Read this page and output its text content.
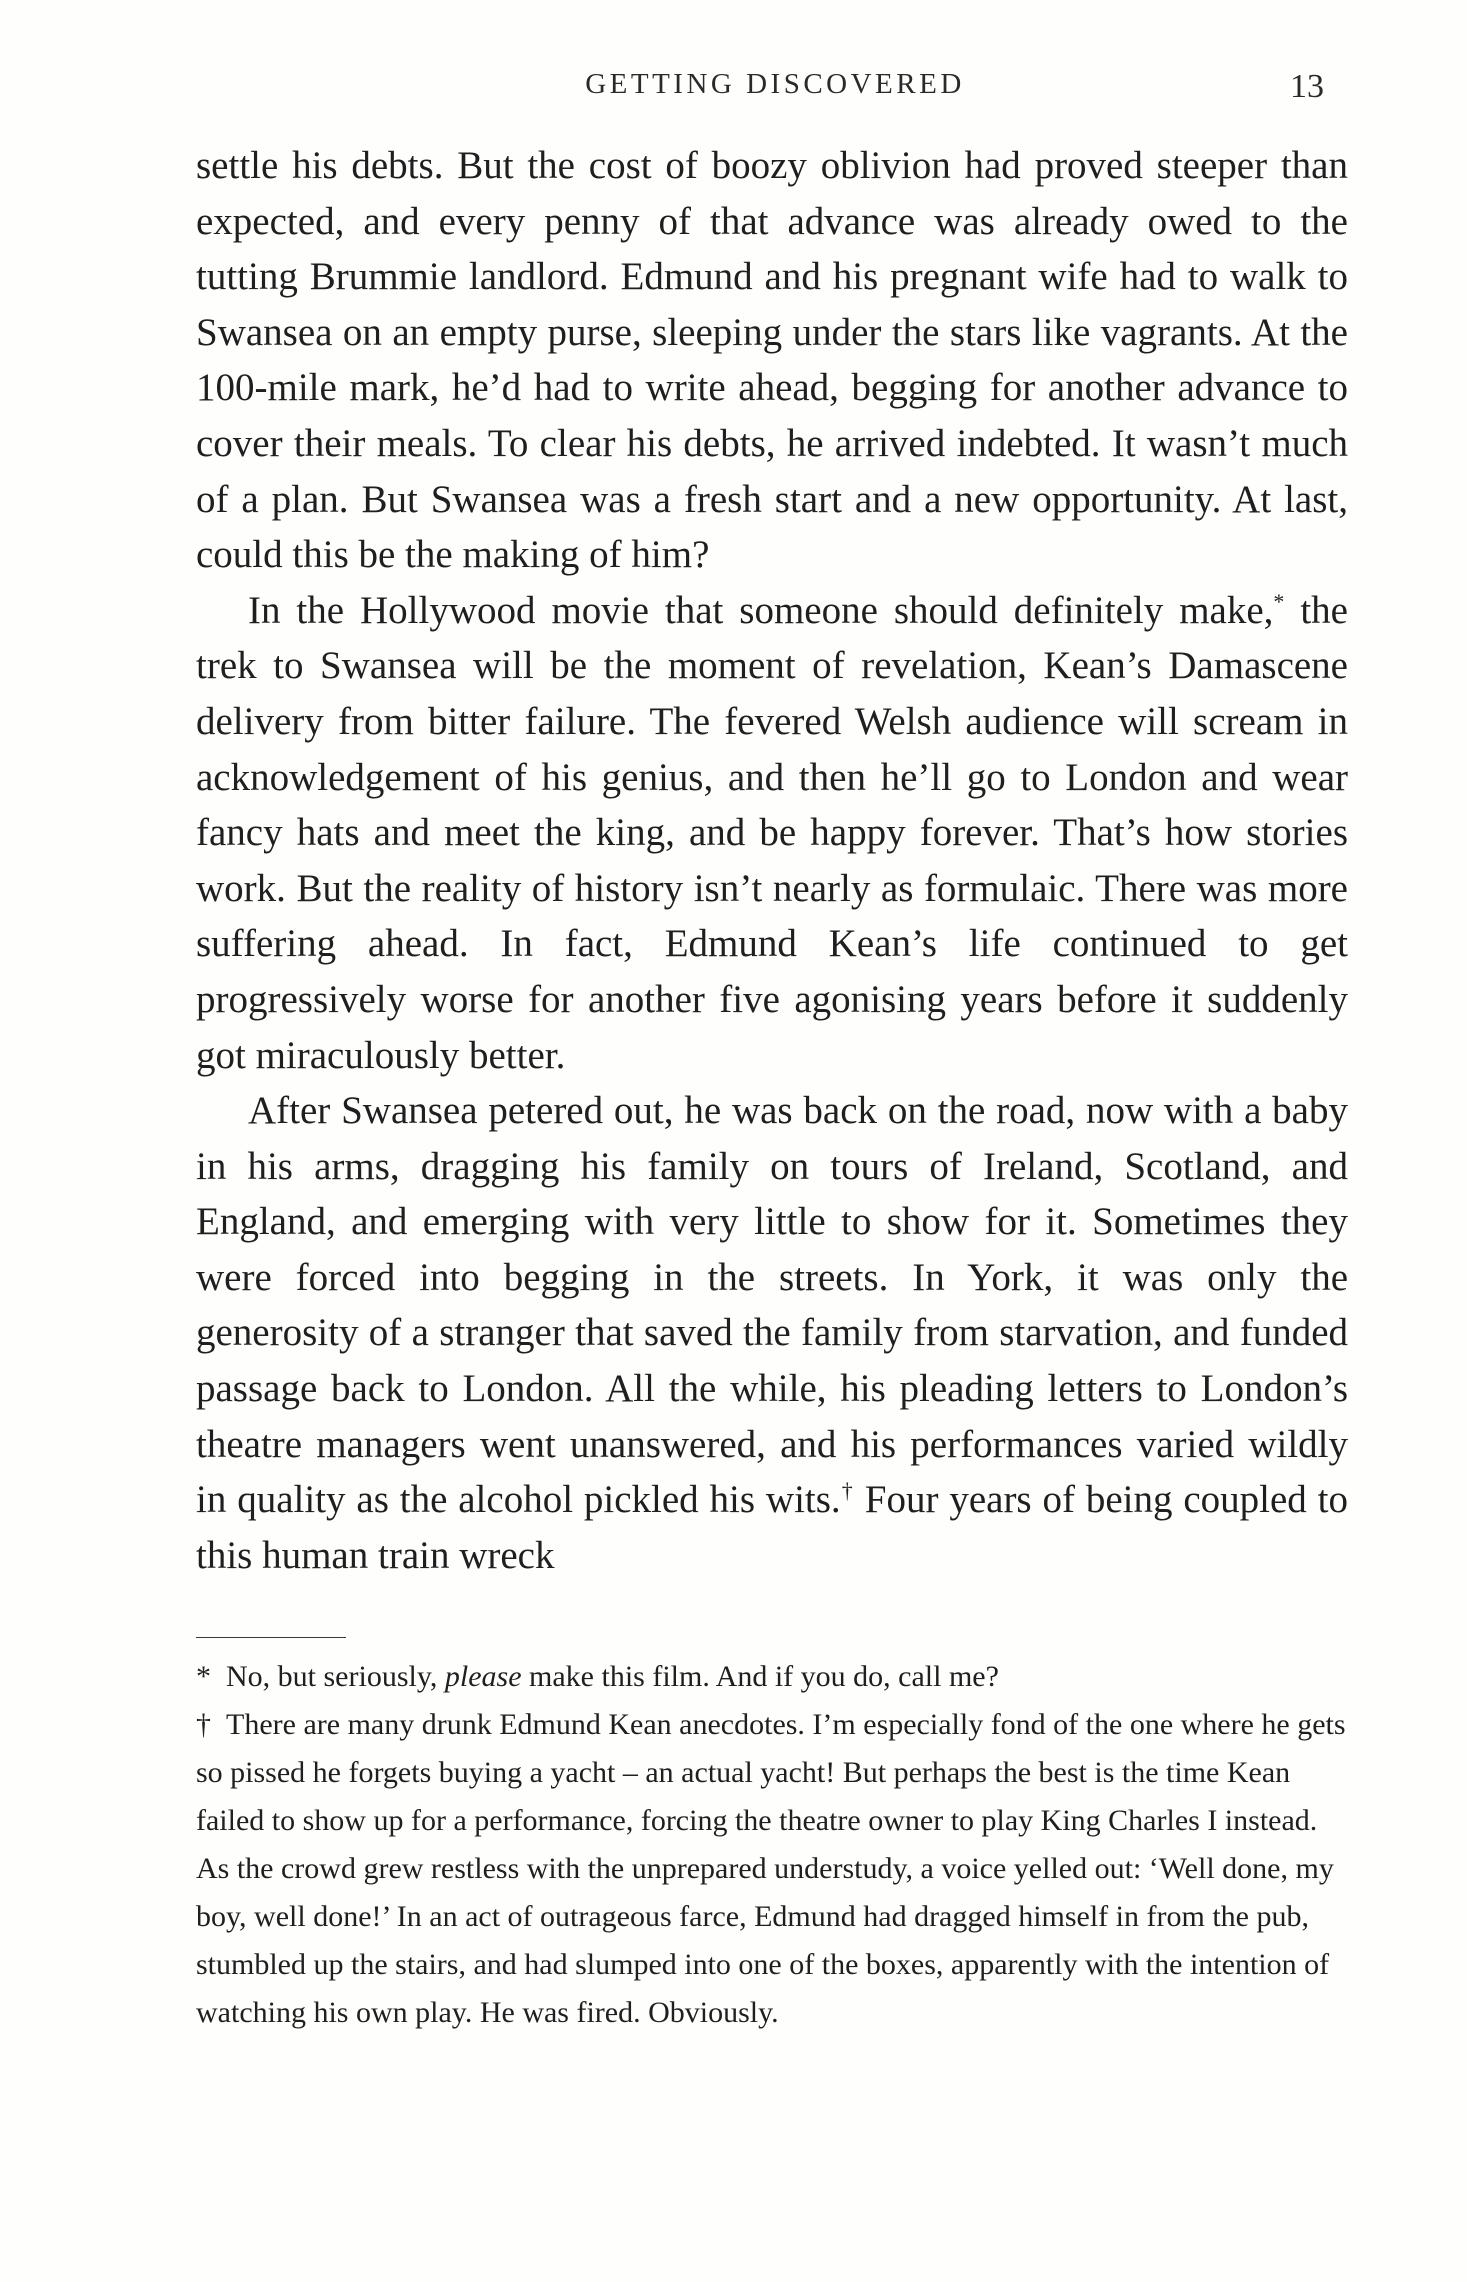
GETTING DISCOVERED	13

settle his debts. But the cost of boozy oblivion had proved steeper than expected, and every penny of that advance was already owed to the tutting Brummie landlord. Edmund and his pregnant wife had to walk to Swansea on an empty purse, sleeping under the stars like vagrants. At the 100-mile mark, he’d had to write ahead, begging for another advance to cover their meals. To clear his debts, he arrived indebted. It wasn’t much of a plan. But Swansea was a fresh start and a new opportunity. At last, could this be the making of him?

In the Hollywood movie that someone should definitely make,* the trek to Swansea will be the moment of revelation, Kean’s Damascene delivery from bitter failure. The fevered Welsh audience will scream in acknowledgement of his genius, and then he’ll go to London and wear fancy hats and meet the king, and be happy forever. That’s how stories work. But the reality of history isn’t nearly as formulaic. There was more suffering ahead. In fact, Edmund Kean’s life continued to get progressively worse for another five agonising years before it suddenly got miraculously better.

After Swansea petered out, he was back on the road, now with a baby in his arms, dragging his family on tours of Ireland, Scotland, and England, and emerging with very little to show for it. Sometimes they were forced into begging in the streets. In York, it was only the generosity of a stranger that saved the family from starvation, and funded passage back to London. All the while, his pleading letters to London’s theatre managers went unanswered, and his performances varied wildly in quality as the alcohol pickled his wits.† Four years of being coupled to this human train wreck

* No, but seriously, please make this film. And if you do, call me?

† There are many drunk Edmund Kean anecdotes. I’m especially fond of the one where he gets so pissed he forgets buying a yacht – an actual yacht! But perhaps the best is the time Kean failed to show up for a performance, forcing the theatre owner to play King Charles I instead. As the crowd grew restless with the unprepared understudy, a voice yelled out: ‘Well done, my boy, well done!’ In an act of outrageous farce, Edmund had dragged himself in from the pub, stumbled up the stairs, and had slumped into one of the boxes, apparently with the intention of watching his own play. He was fired. Obviously.
